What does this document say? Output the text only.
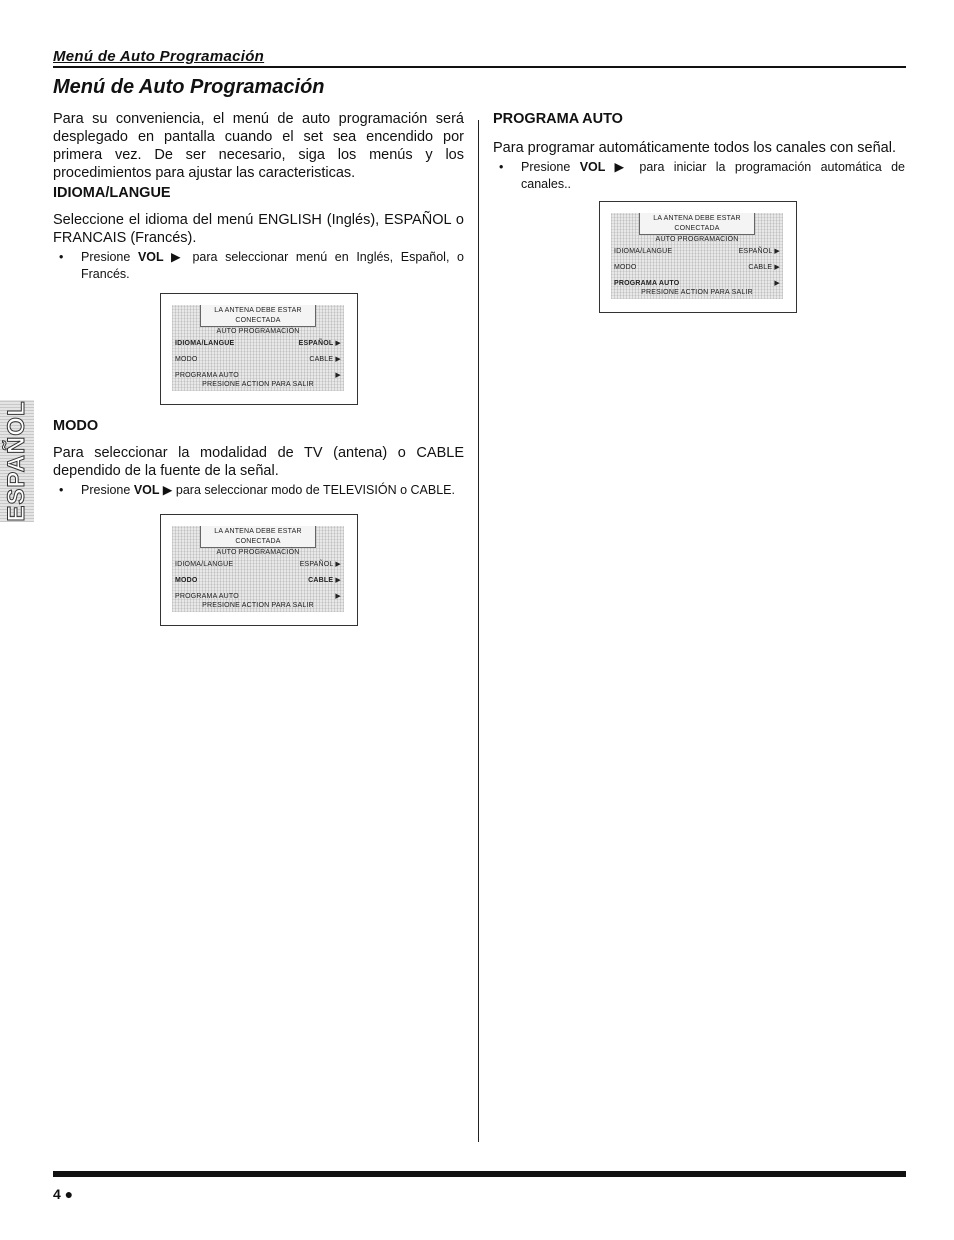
Menú de Auto Programación
Menú de Auto Programación
ESPAÑOL

Para su conveniencia, el menú de auto programación será desplegado en pantalla cuando el set sea encendido por primera vez. De ser necesario, siga los menús y los procedimientos para ajustar las caracteristicas.

IDIOMA/LANGUE

Seleccione el idioma del menú ENGLISH (Inglés), ESPAÑOL o FRANCAIS (Francés).

• Presione VOL ▶ para seleccionar menú en Inglés, Español, o Francés.
LA ANTENA DEBE ESTAR
CONECTADA
AUTO PROGRAMACIÓN
IDIOMA/LANGUE	ESPAÑOL ▶
MODO	CABLE ▶
PROGRAMA AUTO	▶
PRESIONE ACTION PARA SALIR
MODO

Para seleccionar la modalidad de TV (antena) o CABLE dependido de la fuente de la señal.

• Presione VOL ▶ para seleccionar modo de TELEVISIÓN o CABLE.
LA ANTENA DEBE ESTAR
CONECTADA
AUTO PROGRAMACIÓN
IDIOMA/LANGUE	ESPAÑOL ▶
MODO	CABLE ▶
PROGRAMA AUTO	▶
PRESIONE ACTION PARA SALIR
PROGRAMA AUTO

Para programar automáticamente todos los canales con señal.

• Presione VOL ▶ para iniciar la programación automática de canales..
LA ANTENA DEBE ESTAR
CONECTADA
AUTO PROGRAMACIÓN
IDIOMA/LANGUE	ESPAÑOL ▶
MODO	CABLE ▶
PROGRAMA AUTO	▶
PRESIONE ACTION PARA SALIR
4 ●
